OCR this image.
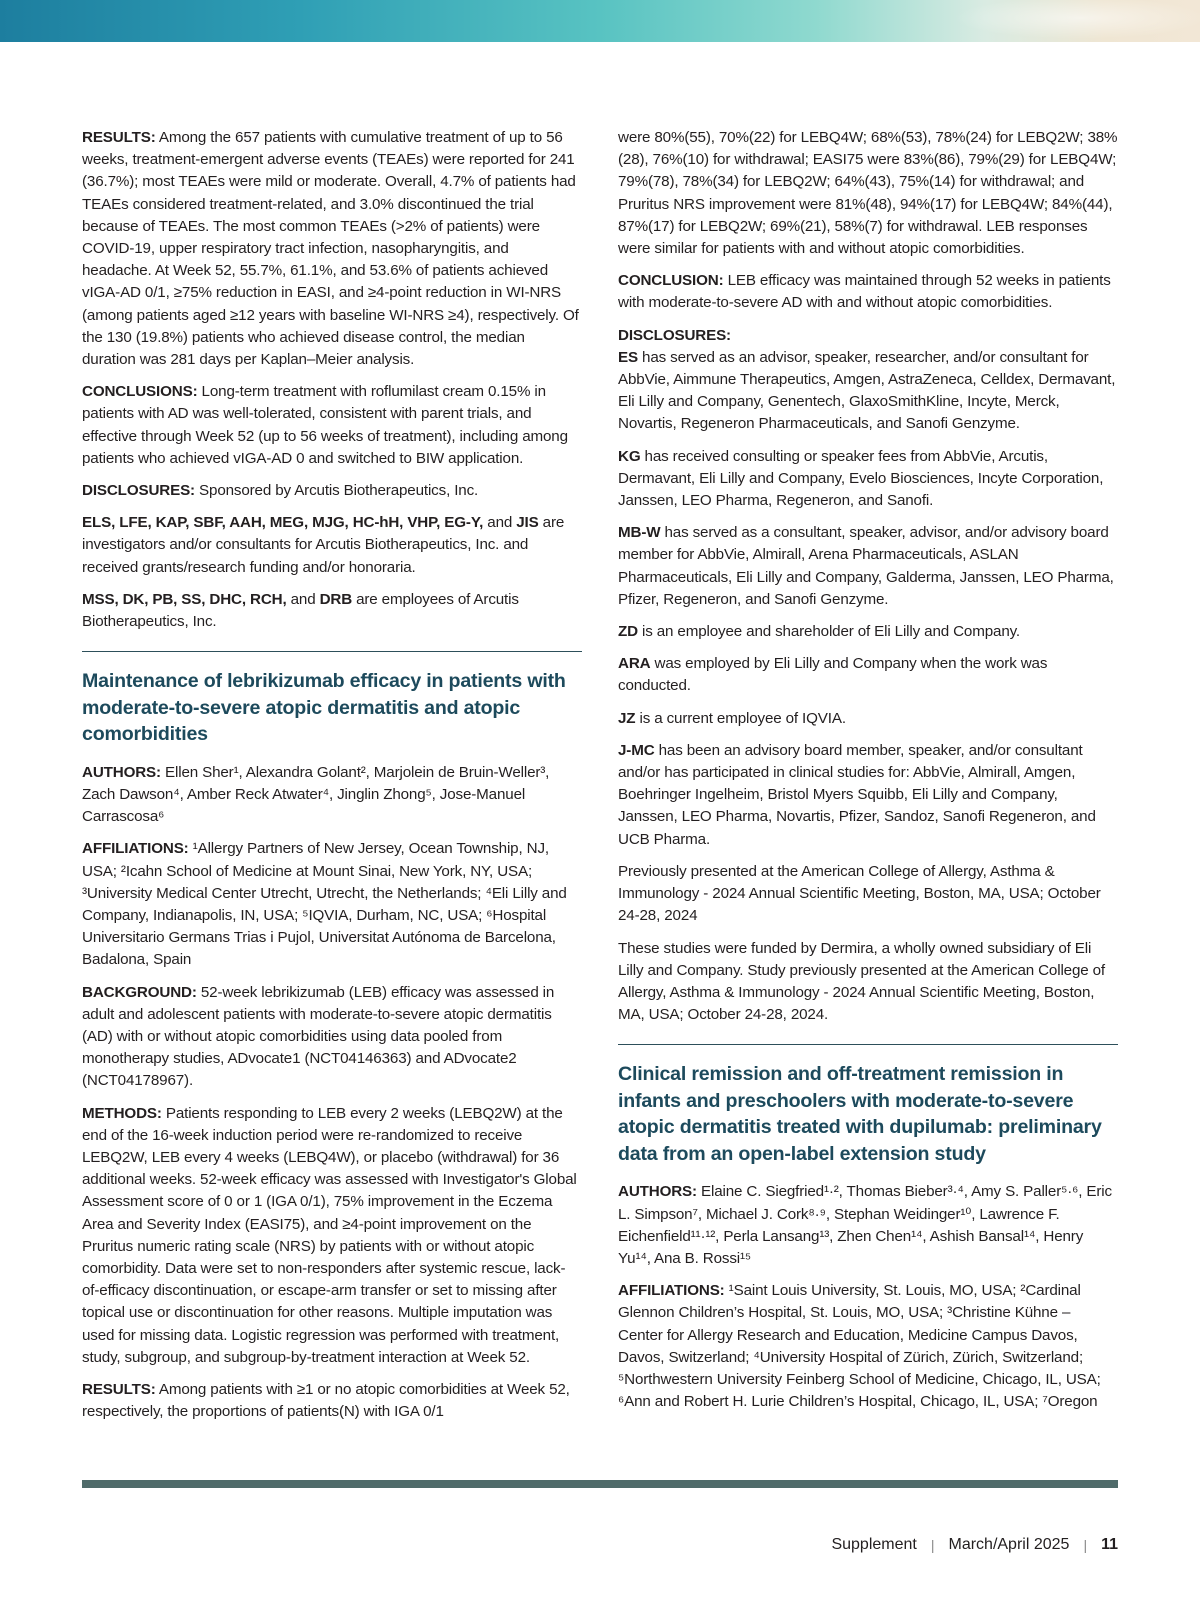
RESULTS: Among the 657 patients with cumulative treatment of up to 56 weeks, treatment-emergent adverse events (TEAEs) were reported for 241 (36.7%); most TEAEs were mild or moderate. Overall, 4.7% of patients had TEAEs considered treatment-related, and 3.0% discontinued the trial because of TEAEs. The most common TEAEs (>2% of patients) were COVID-19, upper respiratory tract infection, nasopharyngitis, and headache. At Week 52, 55.7%, 61.1%, and 53.6% of patients achieved vIGA-AD 0/1, ≥75% reduction in EASI, and ≥4-point reduction in WI-NRS (among patients aged ≥12 years with baseline WI-NRS ≥4), respectively. Of the 130 (19.8%) patients who achieved disease control, the median duration was 281 days per Kaplan–Meier analysis.

CONCLUSIONS: Long-term treatment with roflumilast cream 0.15% in patients with AD was well-tolerated, consistent with parent trials, and effective through Week 52 (up to 56 weeks of treatment), including among patients who achieved vIGA-AD 0 and switched to BIW application.

DISCLOSURES: Sponsored by Arcutis Biotherapeutics, Inc.

ELS, LFE, KAP, SBF, AAH, MEG, MJG, HC-hH, VHP, EG-Y, and JIS are investigators and/or consultants for Arcutis Biotherapeutics, Inc. and received grants/research funding and/or honoraria.

MSS, DK, PB, SS, DHC, RCH, and DRB are employees of Arcutis Biotherapeutics, Inc.

Maintenance of lebrikizumab efficacy in patients with moderate-to-severe atopic dermatitis and atopic comorbidities

AUTHORS: Ellen Sher¹, Alexandra Golant², Marjolein de Bruin-Weller³, Zach Dawson⁴, Amber Reck Atwater⁴, Jinglin Zhong⁵, Jose-Manuel Carrascosa⁶

AFFILIATIONS: ¹Allergy Partners of New Jersey, Ocean Township, NJ, USA; ²Icahn School of Medicine at Mount Sinai, New York, NY, USA; ³University Medical Center Utrecht, Utrecht, the Netherlands; ⁴Eli Lilly and Company, Indianapolis, IN, USA; ⁵IQVIA, Durham, NC, USA; ⁶Hospital Universitario Germans Trias i Pujol, Universitat Autónoma de Barcelona, Badalona, Spain

BACKGROUND: 52-week lebrikizumab (LEB) efficacy was assessed in adult and adolescent patients with moderate-to-severe atopic dermatitis (AD) with or without atopic comorbidities using data pooled from monotherapy studies, ADvocate1 (NCT04146363) and ADvocate2 (NCT04178967).

METHODS: Patients responding to LEB every 2 weeks (LEBQ2W) at the end of the 16-week induction period were re-randomized to receive LEBQ2W, LEB every 4 weeks (LEBQ4W), or placebo (withdrawal) for 36 additional weeks. 52-week efficacy was assessed with Investigator's Global Assessment score of 0 or 1 (IGA 0/1), 75% improvement in the Eczema Area and Severity Index (EASI75), and ≥4-point improvement on the Pruritus numeric rating scale (NRS) by patients with or without atopic comorbidity. Data were set to non-responders after systemic rescue, lack-of-efficacy discontinuation, or escape-arm transfer or set to missing after topical use or discontinuation for other reasons. Multiple imputation was used for missing data. Logistic regression was performed with treatment, study, subgroup, and subgroup-by-treatment interaction at Week 52.

RESULTS: Among patients with ≥1 or no atopic comorbidities at Week 52, respectively, the proportions of patients(N) with IGA 0/1

were 80%(55), 70%(22) for LEBQ4W; 68%(53), 78%(24) for LEBQ2W; 38%(28), 76%(10) for withdrawal; EASI75 were 83%(86), 79%(29) for LEBQ4W; 79%(78), 78%(34) for LEBQ2W; 64%(43), 75%(14) for withdrawal; and Pruritus NRS improvement were 81%(48), 94%(17) for LEBQ4W; 84%(44), 87%(17) for LEBQ2W; 69%(21), 58%(7) for withdrawal. LEB responses were similar for patients with and without atopic comorbidities.

CONCLUSION: LEB efficacy was maintained through 52 weeks in patients with moderate-to-severe AD with and without atopic comorbidities.

DISCLOSURES:

ES has served as an advisor, speaker, researcher, and/or consultant for AbbVie, Aimmune Therapeutics, Amgen, AstraZeneca, Celldex, Dermavant, Eli Lilly and Company, Genentech, GlaxoSmithKline, Incyte, Merck, Novartis, Regeneron Pharmaceuticals, and Sanofi Genzyme.

KG has received consulting or speaker fees from AbbVie, Arcutis, Dermavant, Eli Lilly and Company, Evelo Biosciences, Incyte Corporation, Janssen, LEO Pharma, Regeneron, and Sanofi.

MB-W has served as a consultant, speaker, advisor, and/or advisory board member for AbbVie, Almirall, Arena Pharmaceuticals, ASLAN Pharmaceuticals, Eli Lilly and Company, Galderma, Janssen, LEO Pharma, Pfizer, Regeneron, and Sanofi Genzyme.

ZD is an employee and shareholder of Eli Lilly and Company.

ARA was employed by Eli Lilly and Company when the work was conducted.

JZ is a current employee of IQVIA.

J-MC has been an advisory board member, speaker, and/or consultant and/or has participated in clinical studies for: AbbVie, Almirall, Amgen, Boehringer Ingelheim, Bristol Myers Squibb, Eli Lilly and Company, Janssen, LEO Pharma, Novartis, Pfizer, Sandoz, Sanofi Regeneron, and UCB Pharma.

Previously presented at the American College of Allergy, Asthma & Immunology - 2024 Annual Scientific Meeting, Boston, MA, USA; October 24-28, 2024

These studies were funded by Dermira, a wholly owned subsidiary of Eli Lilly and Company. Study previously presented at the American College of Allergy, Asthma & Immunology - 2024 Annual Scientific Meeting, Boston, MA, USA; October 24-28, 2024.

Clinical remission and off-treatment remission in infants and preschoolers with moderate-to-severe atopic dermatitis treated with dupilumab: preliminary data from an open-label extension study

AUTHORS: Elaine C. Siegfried¹·², Thomas Bieber³·⁴, Amy S. Paller⁵·⁶, Eric L. Simpson⁷, Michael J. Cork⁸·⁹, Stephan Weidinger¹⁰, Lawrence F. Eichenfield¹¹·¹², Perla Lansang¹³, Zhen Chen¹⁴, Ashish Bansal¹⁴, Henry Yu¹⁴, Ana B. Rossi¹⁵

AFFILIATIONS: ¹Saint Louis University, St. Louis, MO, USA; ²Cardinal Glennon Children’s Hospital, St. Louis, MO, USA; ³Christine Kühne – Center for Allergy Research and Education, Medicine Campus Davos, Davos, Switzerland; ⁴University Hospital of Zürich, Zürich, Switzerland; ⁵Northwestern University Feinberg School of Medicine, Chicago, IL, USA; ⁶Ann and Robert H. Lurie Children’s Hospital, Chicago, IL, USA; ⁷Oregon

Supplement | March/April 2025 | 11
